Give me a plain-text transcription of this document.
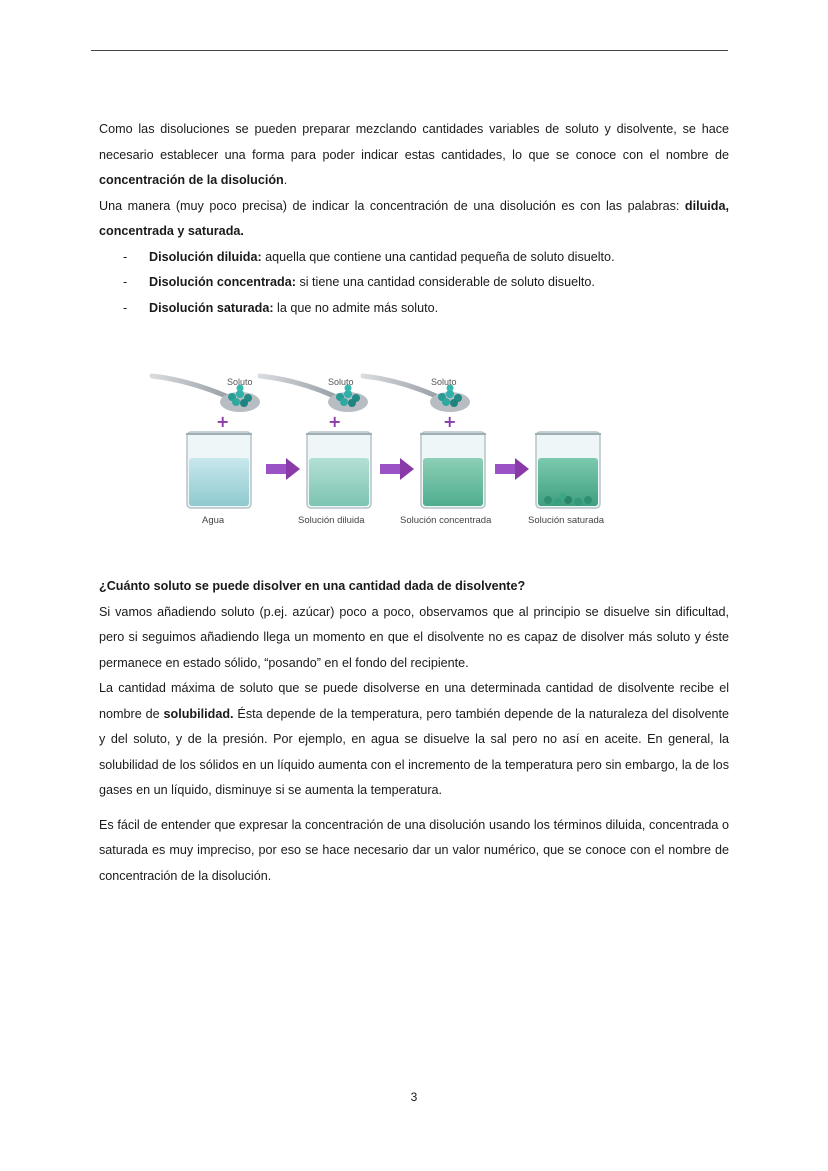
Como las disoluciones se pueden preparar mezclando cantidades variables de soluto y disolvente, se hace necesario establecer una forma para poder indicar estas cantidades, lo que se conoce con el nombre de concentración de la disolución.

Una manera (muy poco precisa) de indicar la concentración de una disolución es con las palabras: diluida, concentrada y saturada.

- Disolución diluida: aquella que contiene una cantidad pequeña de soluto disuelto.
- Disolución concentrada: si tiene una cantidad considerable de soluto disuelto.
- Disolución saturada: la que no admite más soluto.
Soluto	Soluto	Soluto
+	+	+
Agua	Solución diluida	Solución concentrada	Solución saturada

¿Cuánto soluto se puede disolver en una cantidad dada de disolvente?

Si vamos añadiendo soluto (p.ej. azúcar) poco a poco, observamos que al principio se disuelve sin dificultad, pero si seguimos añadiendo llega un momento en que el disolvente no es capaz de disolver más soluto y éste permanece en estado sólido, “posando” en el fondo del recipiente.

La cantidad máxima de soluto que se puede disolverse en una determinada cantidad de disolvente recibe el nombre de solubilidad. Ésta depende de la temperatura, pero también depende de la naturaleza del disolvente y del soluto, y de la presión. Por ejemplo, en agua se disuelve la sal pero no así en aceite. En general, la solubilidad de los sólidos en un líquido aumenta con el incremento de la temperatura pero sin embargo, la de los gases en un líquido, disminuye si se aumenta la temperatura.

Es fácil de entender que expresar la concentración de una disolución usando los términos diluida, concentrada o saturada es muy impreciso, por eso se hace necesario dar un valor numérico, que se conoce con el nombre de concentración de la disolución.

3
